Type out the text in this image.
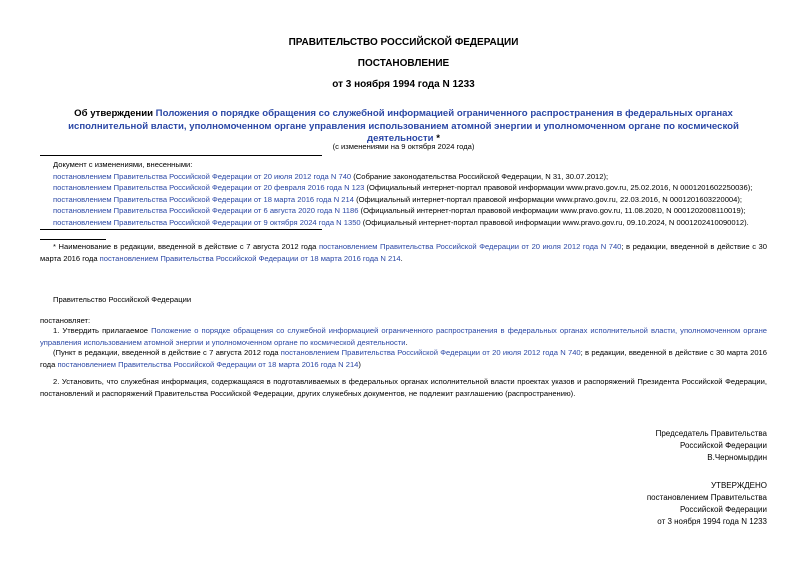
ПРАВИТЕЛЬСТВО РОССИЙСКОЙ ФЕДЕРАЦИИ
ПОСТАНОВЛЕНИЕ
от 3 ноября 1994 года N 1233
Об утверждении Положения о порядке обращения со служебной информацией ограниченного распространения в федеральных органах исполнительной власти, уполномоченном органе управления использованием атомной энергии и уполномоченном органе по космической деятельности *
(с изменениями на 9 октября 2024 года)
Документ с изменениями, внесенными:
постановлением Правительства Российской Федерации от 20 июля 2012 года N 740 (Собрание законодательства Российской Федерации, N 31, 30.07.2012);
постановлением Правительства Российской Федерации от 20 февраля 2016 года N 123 (Официальный интернет-портал правовой информации www.pravo.gov.ru, 25.02.2016, N 0001201602250036);
постановлением Правительства Российской Федерации от 18 марта 2016 года N 214 (Официальный интернет-портал правовой информации www.pravo.gov.ru, 22.03.2016, N 0001201603220004);
постановлением Правительства Российской Федерации от 6 августа 2020 года N 1186 (Официальный интернет-портал правовой информации www.pravo.gov.ru, 11.08.2020, N 0001202008110019);
постановлением Правительства Российской Федерации от 9 октября 2024 года N 1350 (Официальный интернет-портал правовой информации www.pravo.gov.ru, 09.10.2024, N 0001202410090012).
* Наименование в редакции, введенной в действие с 7 августа 2012 года постановлением Правительства Российской Федерации от 20 июля 2012 года N 740; в редакции, введенной в действие с 30 марта 2016 года постановлением Правительства Российской Федерации от 18 марта 2016 года N 214.
Правительство Российской Федерации
постановляет:
1. Утвердить прилагаемое Положение о порядке обращения со служебной информацией ограниченного распространения в федеральных органах исполнительной власти, уполномоченном органе управления использованием атомной энергии и уполномоченном органе по космической деятельности.
(Пункт в редакции, введенной в действие с 7 августа 2012 года постановлением Правительства Российской Федерации от 20 июля 2012 года N 740; в редакции, введенной в действие с 30 марта 2016 года постановлением Правительства Российской Федерации от 18 марта 2016 года N 214)
2. Установить, что служебная информация, содержащаяся в подготавливаемых в федеральных органах исполнительной власти проектах указов и распоряжений Президента Российской Федерации, постановлений и распоряжений Правительства Российской Федерации, других служебных документов, не подлежит разглашению (распространению).
Председатель Правительства
Российской Федерации
В.Черномырдин
УТВЕРЖДЕНО
постановлением Правительства
Российской Федерации
от 3 ноября 1994 года N 1233
